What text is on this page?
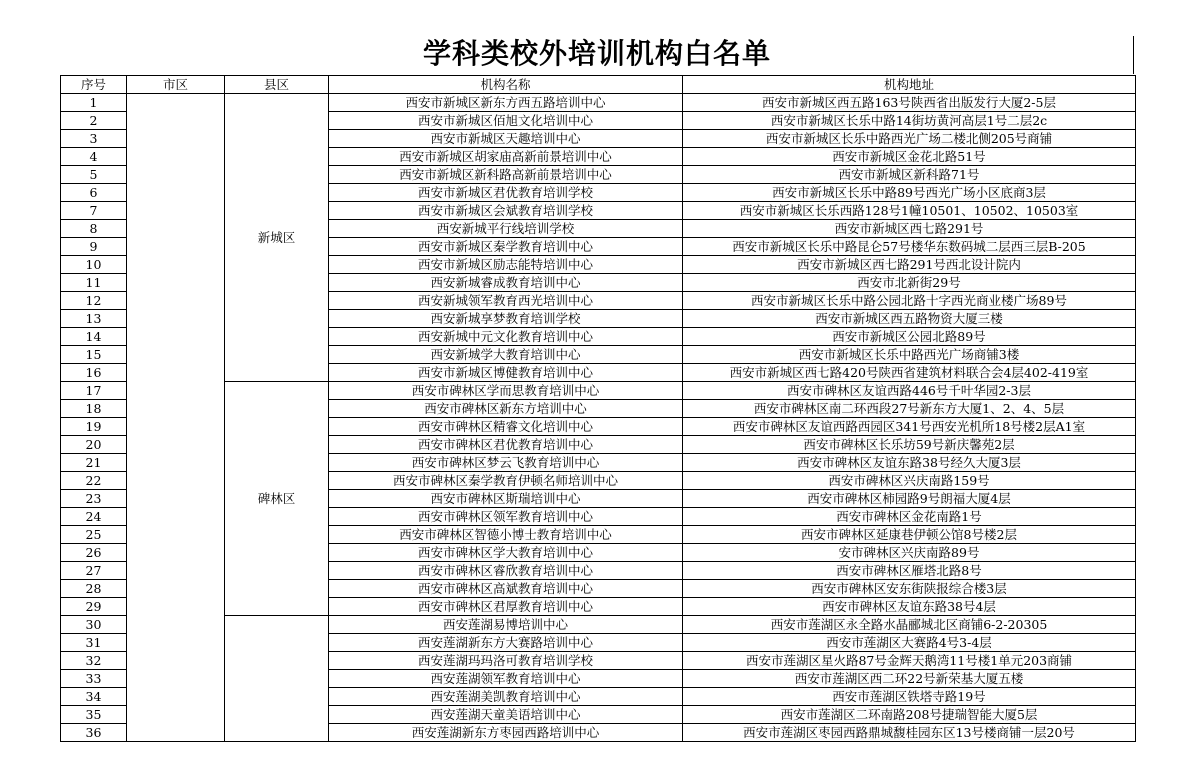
学科类校外培训机构白名单
序号	市区	县区	机构名称	机构地址
1		新城区	西安市新城区新东方西五路培训中心	西安市新城区西五路163号陕西省出版发行大厦2-5层
2			西安市新城区佰旭文化培训中心	西安市新城区长乐中路14街坊黄河高层1号二层2c
3			西安市新城区天趣培训中心	西安市新城区长乐中路西光广场二楼北侧205号商铺
4			西安市新城区胡家庙高新前景培训中心	西安市新城区金花北路51号
5			西安市新城区新科路高新前景培训中心	西安市新城区新科路71号
6			西安市新城区君优教育培训学校	西安市新城区长乐中路89号西光广场小区底商3层
7			西安市新城区会斌教育培训学校	西安市新城区长乐西路128号1幢10501、10502、10503室
8			西安新城平行线培训学校	西安市新城区西七路291号
9			西安市新城区秦学教育培训中心	西安市新城区长乐中路昆仑57号楼华东数码城二层西三层B-205
10			西安市新城区励志能特培训中心	西安市新城区西七路291号西北设计院内
11			西安新城睿成教育培训中心	西安市北新街29号
12			西安新城领军教育西光培训中心	西安市新城区长乐中路公园北路十字西光商业楼广场89号
13			西安新城享梦教育培训学校	西安市新城区西五路物资大厦三楼
14			西安新城中元文化教育培训中心	西安市新城区公园北路89号
15			西安新城学大教育培训中心	西安市新城区长乐中路西光广场商铺3楼
16			西安市新城区博健教育培训中心	西安市新城区西七路420号陕西省建筑材料联合会4层402-419室
17		碑林区	西安市碑林区学而思教育培训中心	西安市碑林区友谊西路446号千叶华园2-3层
18			西安市碑林区新东方培训中心	西安市碑林区南二环西段27号新东方大厦1、2、4、5层
19			西安市碑林区精睿文化培训中心	西安市碑林区友谊西路西园区341号西安光机所18号楼2层A1室
20			西安市碑林区君优教育培训中心	西安市碑林区长乐坊59号新庆馨苑2层
21			西安市碑林区梦云飞教育培训中心	西安市碑林区友谊东路38号经久大厦3层
22			西安市碑林区秦学教育伊顿名师培训中心	西安市碑林区兴庆南路159号
23			西安市碑林区斯瑞培训中心	西安市碑林区柿园路9号朗福大厦4层
24			西安市碑林区领军教育培训中心	西安市碑林区金花南路1号
25			西安市碑林区智德小博士教育培训中心	西安市碑林区延康巷伊顿公馆8号楼2层
26			西安市碑林区学大教育培训中心	安市碑林区兴庆南路89号
27			西安市碑林区睿欣教育培训中心	西安市碑林区雁塔北路8号
28			西安市碑林区高斌教育培训中心	西安市碑林区安东街陕报综合楼3层
29			西安市碑林区君厚教育培训中心	西安市碑林区友谊东路38号4层
30			西安莲湖易博培训中心	西安市莲湖区永全路水晶郦城北区商铺6-2-20305
31			西安莲湖新东方大赛路培训中心	西安市莲湖区大赛路4号3-4层
32			西安莲湖玛玛洛可教育培训学校	西安市莲湖区星火路87号金辉天鹅湾11号楼1单元203商铺
33			西安莲湖领军教育培训中心	西安市莲湖区西二环22号新荣基大厦五楼
34			西安莲湖美凯教育培训中心	西安市莲湖区铁塔寺路19号
35			西安莲湖天童美语培训中心	西安市莲湖区二环南路208号捷瑞智能大厦5层
36			西安莲湖新东方枣园西路培训中心	西安市莲湖区枣园西路鼎城馥桂园东区13号楼商铺一层20号
